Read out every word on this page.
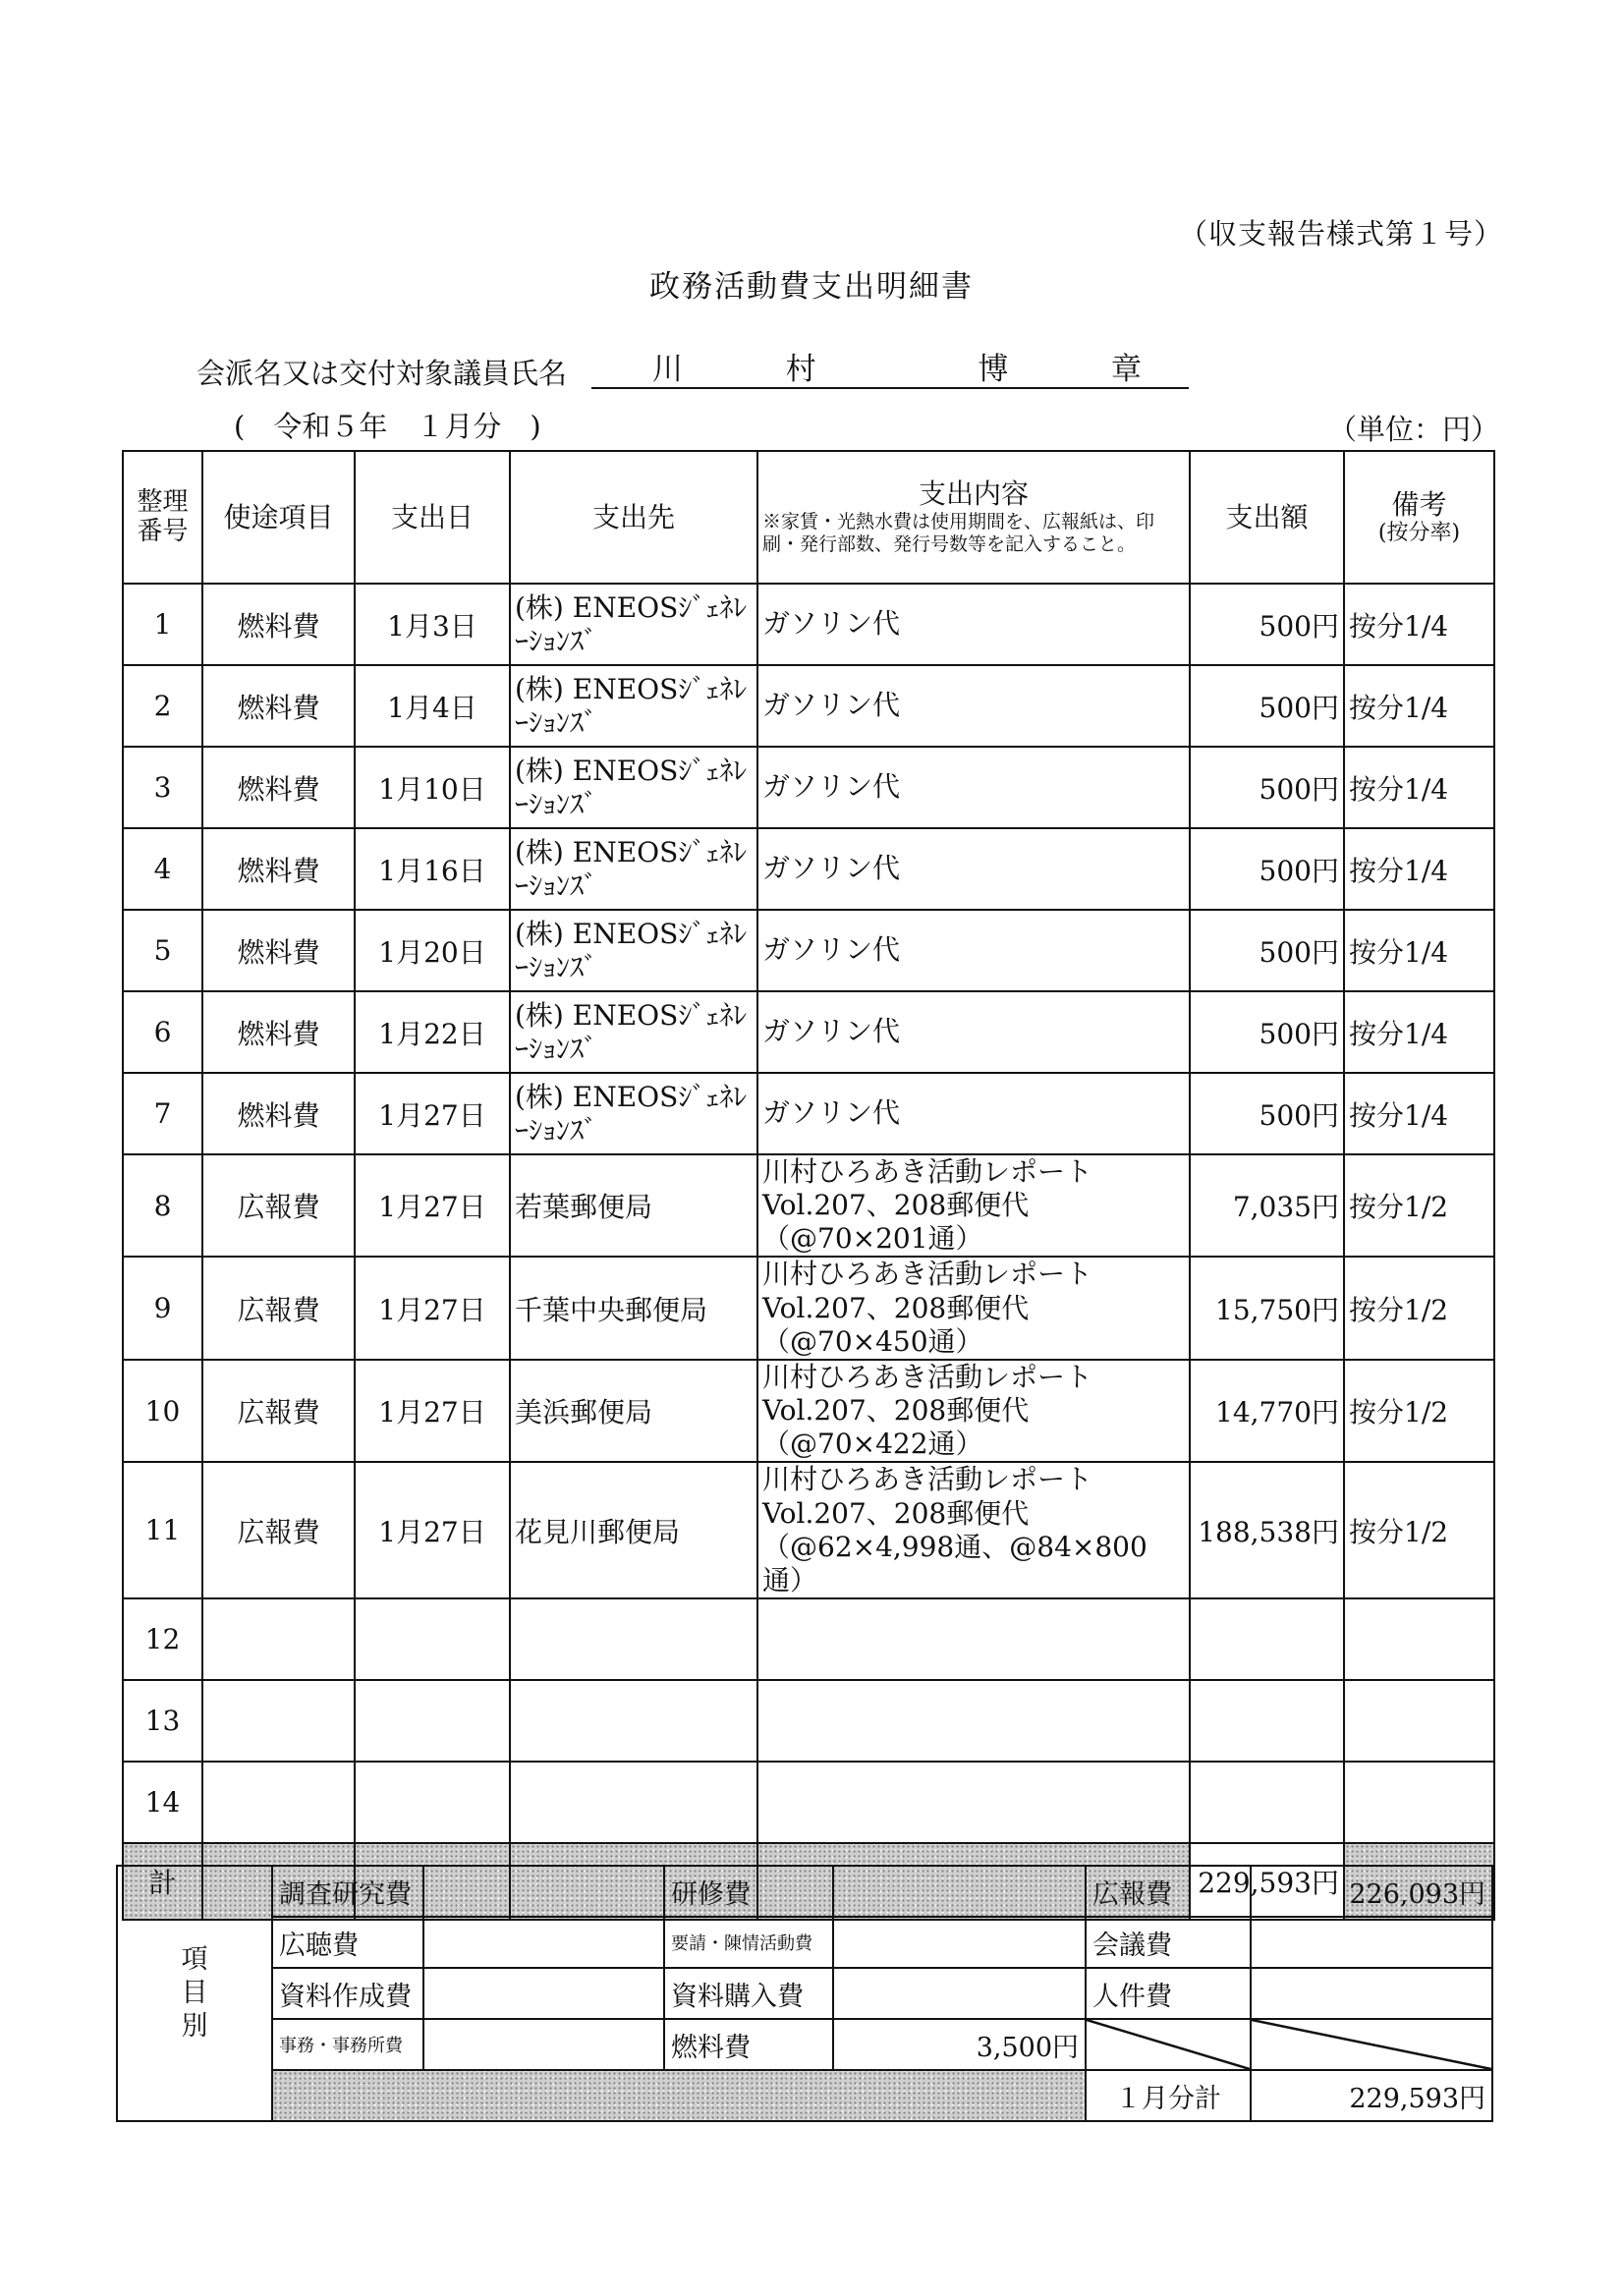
（収支報告様式第１号）
政務活動費支出明細書
会派名又は交付対象議員氏名	川	村	博	章
(　令和５年　１月分　)	（単位：円）
整理番号	使途項目	支出日	支出先	支出内容
※家賃・光熱水費は使用期間を、広報紙は、印刷・発行部数、発行号数等を記入すること。	支出額	備考
(按分率)

1	燃料費	1月3日	(株) ENEOSｼﾞｪﾈﾚｰｼｮﾝｽﾞ	ガソリン代	500円	按分1/4
2	燃料費	1月4日	(株) ENEOSｼﾞｪﾈﾚｰｼｮﾝｽﾞ	ガソリン代	500円	按分1/4
3	燃料費	1月10日	(株) ENEOSｼﾞｪﾈﾚｰｼｮﾝｽﾞ	ガソリン代	500円	按分1/4
4	燃料費	1月16日	(株) ENEOSｼﾞｪﾈﾚｰｼｮﾝｽﾞ	ガソリン代	500円	按分1/4
5	燃料費	1月20日	(株) ENEOSｼﾞｪﾈﾚｰｼｮﾝｽﾞ	ガソリン代	500円	按分1/4
6	燃料費	1月22日	(株) ENEOSｼﾞｪﾈﾚｰｼｮﾝｽﾞ	ガソリン代	500円	按分1/4
7	燃料費	1月27日	(株) ENEOSｼﾞｪﾈﾚｰｼｮﾝｽﾞ	ガソリン代	500円	按分1/4
8	広報費	1月27日	若葉郵便局	川村ひろあき活動レポートVol.207、208郵便代（@70×201通）	7,035円	按分1/2
9	広報費	1月27日	千葉中央郵便局	川村ひろあき活動レポートVol.207、208郵便代（@70×450通）	15,750円	按分1/2
10	広報費	1月27日	美浜郵便局	川村ひろあき活動レポートVol.207、208郵便代（@70×422通）	14,770円	按分1/2
11	広報費	1月27日	花見川郵便局	川村ひろあき活動レポートVol.207、208郵便代（@62×4,998通、@84×800通）	188,538円	按分1/2
12						
13						
14						
計					229,593円	
項目別	調査研究費		研修費		広報費	226,093円
	広聴費		要請・陳情活動費		会議費	
	資料作成費		資料購入費		人件費	
	事務・事務所費		燃料費	3,500円		
					１月分計	229,593円
